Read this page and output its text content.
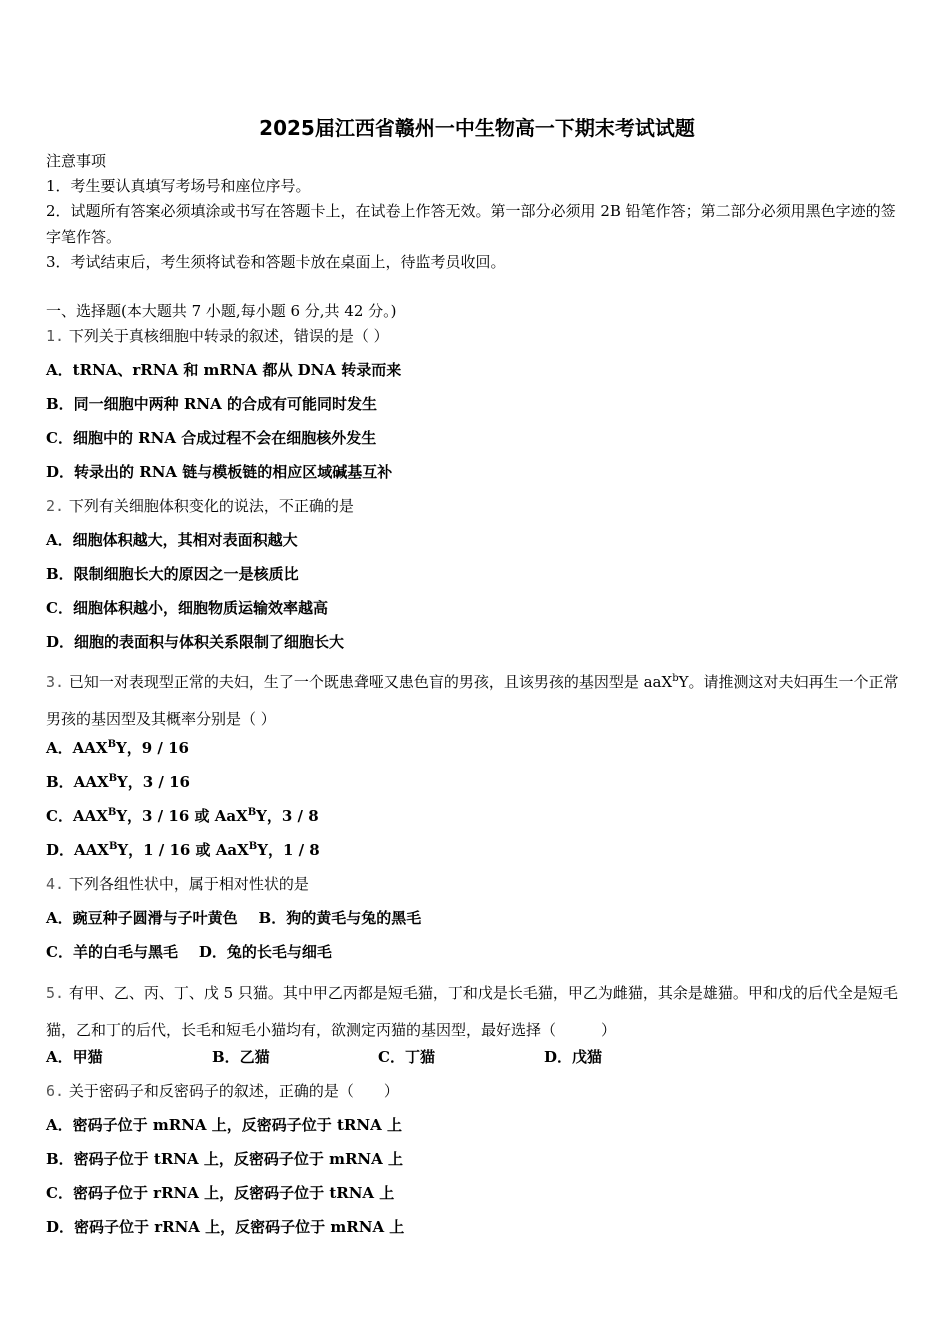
2025届江西省赣州一中生物高一下期末考试试题
注意事项
1．考生要认真填写考场号和座位序号。
2．试题所有答案必须填涂或书写在答题卡上，在试卷上作答无效。第一部分必须用 2B 铅笔作答；第二部分必须用黑色字迹的签字笔作答。
3．考试结束后，考生须将试卷和答题卡放在桌面上，待监考员收回。
一、选择题(本大题共 7 小题,每小题 6 分,共 42 分。)
1. 下列关于真核细胞中转录的叙述，错误的是（ ）
A．tRNA、rRNA 和 mRNA 都从 DNA 转录而来
B．同一细胞中两种 RNA 的合成有可能同时发生
C．细胞中的 RNA 合成过程不会在细胞核外发生
D．转录出的 RNA 链与模板链的相应区域碱基互补
2. 下列有关细胞体积变化的说法，不正确的是
A．细胞体积越大，其相对表面积越大
B．限制细胞长大的原因之一是核质比
C．细胞体积越小，细胞物质运输效率越高
D．细胞的表面积与体积关系限制了细胞长大
3. 已知一对表现型正常的夫妇，生了一个既患聋哑又患色盲的男孩，且该男孩的基因型是 aaX$^b$Y。请推测这对夫妇再生一个正常男孩的基因型及其概率分别是（ ）
A．$AAX^BY$，9 / 16
B．$AAX^BY$，3 / 16
C．$AAX^BY$，3 / 16 或 AaX$^B$Y，3 / 8
D．$AAX^BY$，1 / 16 或 AaX$^B$Y，1 / 8
4. 下列各组性状中，属于相对性状的是
A．豌豆种子圆滑与子叶黄色    B．狗的黄毛与兔的黑毛
C．羊的白毛与黑毛    D．兔的长毛与细毛
5. 有甲、乙、丙、丁、戊 5 只猫。其中甲乙丙都是短毛猫，丁和戊是长毛猫，甲乙为雌猫，其余是雄猫。甲和戊的后代全是短毛猫，乙和丁的后代，长毛和短毛小猫均有，欲测定丙猫的基因型，最好选择（　　　）
A．甲猫	B．乙猫	C．丁猫	D．戊猫
6. 关于密码子和反密码子的叙述，正确的是（　　）
A．密码子位于 mRNA 上，反密码子位于 tRNA 上
B．密码子位于 tRNA 上，反密码子位于 mRNA 上
C．密码子位于 rRNA 上，反密码子位于 tRNA 上
D．密码子位于 rRNA 上，反密码子位于 mRNA 上
